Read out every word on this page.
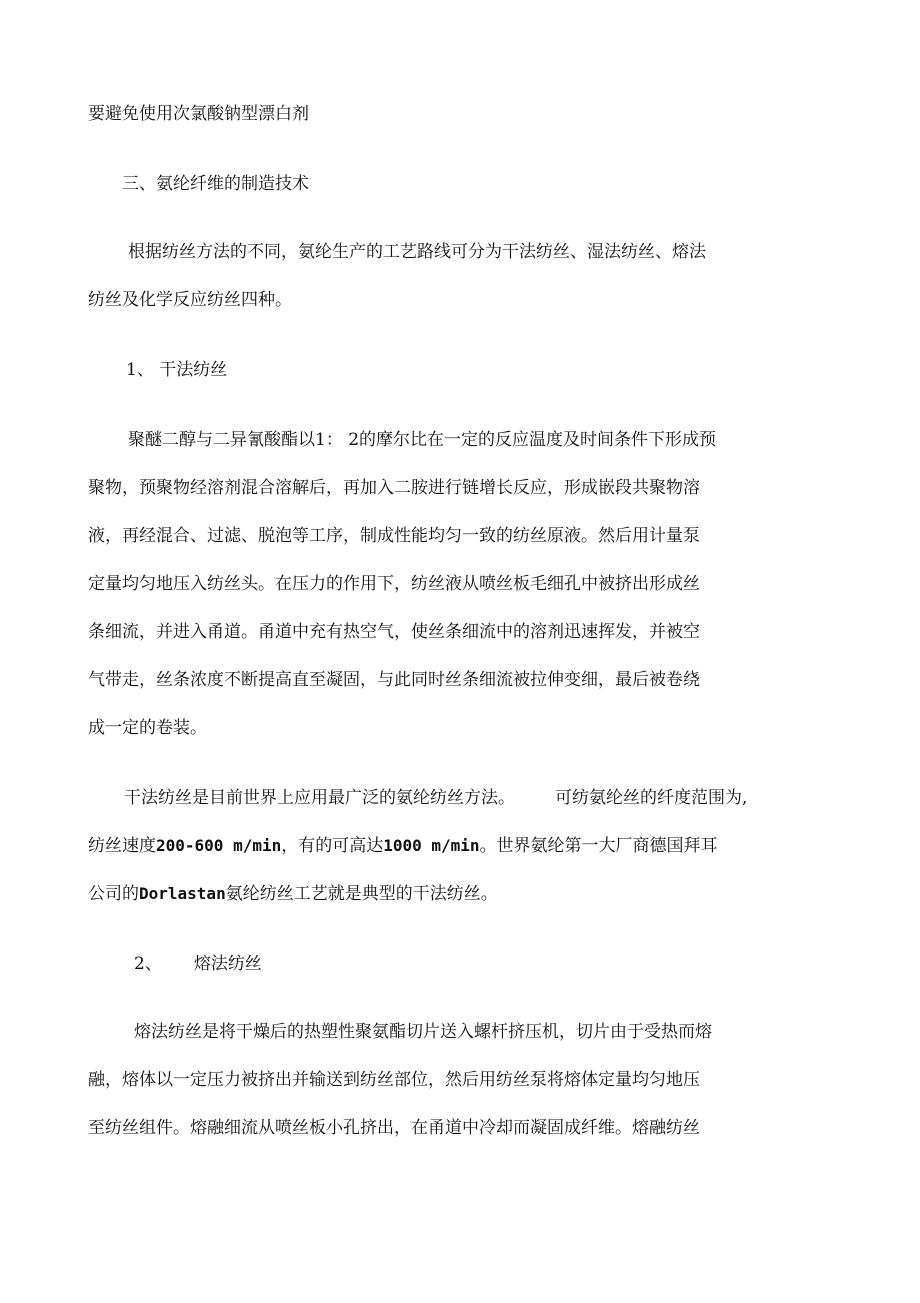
要避免使用次氯酸钠型漂白剂
三、氨纶纤维的制造技术
根据纺丝方法的不同，氨纶生产的工艺路线可分为干法纺丝、湿法纺丝、熔法
纺丝及化学反应纺丝四种。
1、 干法纺丝
聚醚二醇与二异氰酸酯以1： 2的摩尔比在一定的反应温度及时间条件下形成预
聚物，预聚物经溶剂混合溶解后，再加入二胺进行链增长反应，形成嵌段共聚物溶
液，再经混合、过滤、脱泡等工序，制成性能均匀一致的纺丝原液。然后用计量泵
定量均匀地压入纺丝头。在压力的作用下，纺丝液从喷丝板毛细孔中被挤出形成丝
条细流，并进入甬道。甬道中充有热空气，使丝条细流中的溶剂迅速挥发，并被空
气带走，丝条浓度不断提高直至凝固，与此同时丝条细流被拉伸变细，最后被卷绕
成一定的卷装。
干法纺丝是目前世界上应用最广泛的氨纶纺丝方法。 可纺氨纶丝的纤度范围为,
纺丝速度200-600 m/min，有的可高达1000 m/min。世界氨纶第一大厂商德国拜耳
公司的Dorlastan氨纶纺丝工艺就是典型的干法纺丝。
2、 熔法纺丝
熔法纺丝是将干燥后的热塑性聚氨酯切片送入螺杆挤压机，切片由于受热而熔
融，熔体以一定压力被挤出并输送到纺丝部位，然后用纺丝泵将熔体定量均匀地压
至纺丝组件。熔融细流从喷丝板小孔挤出，在甬道中冷却而凝固成纤维。熔融纺丝
